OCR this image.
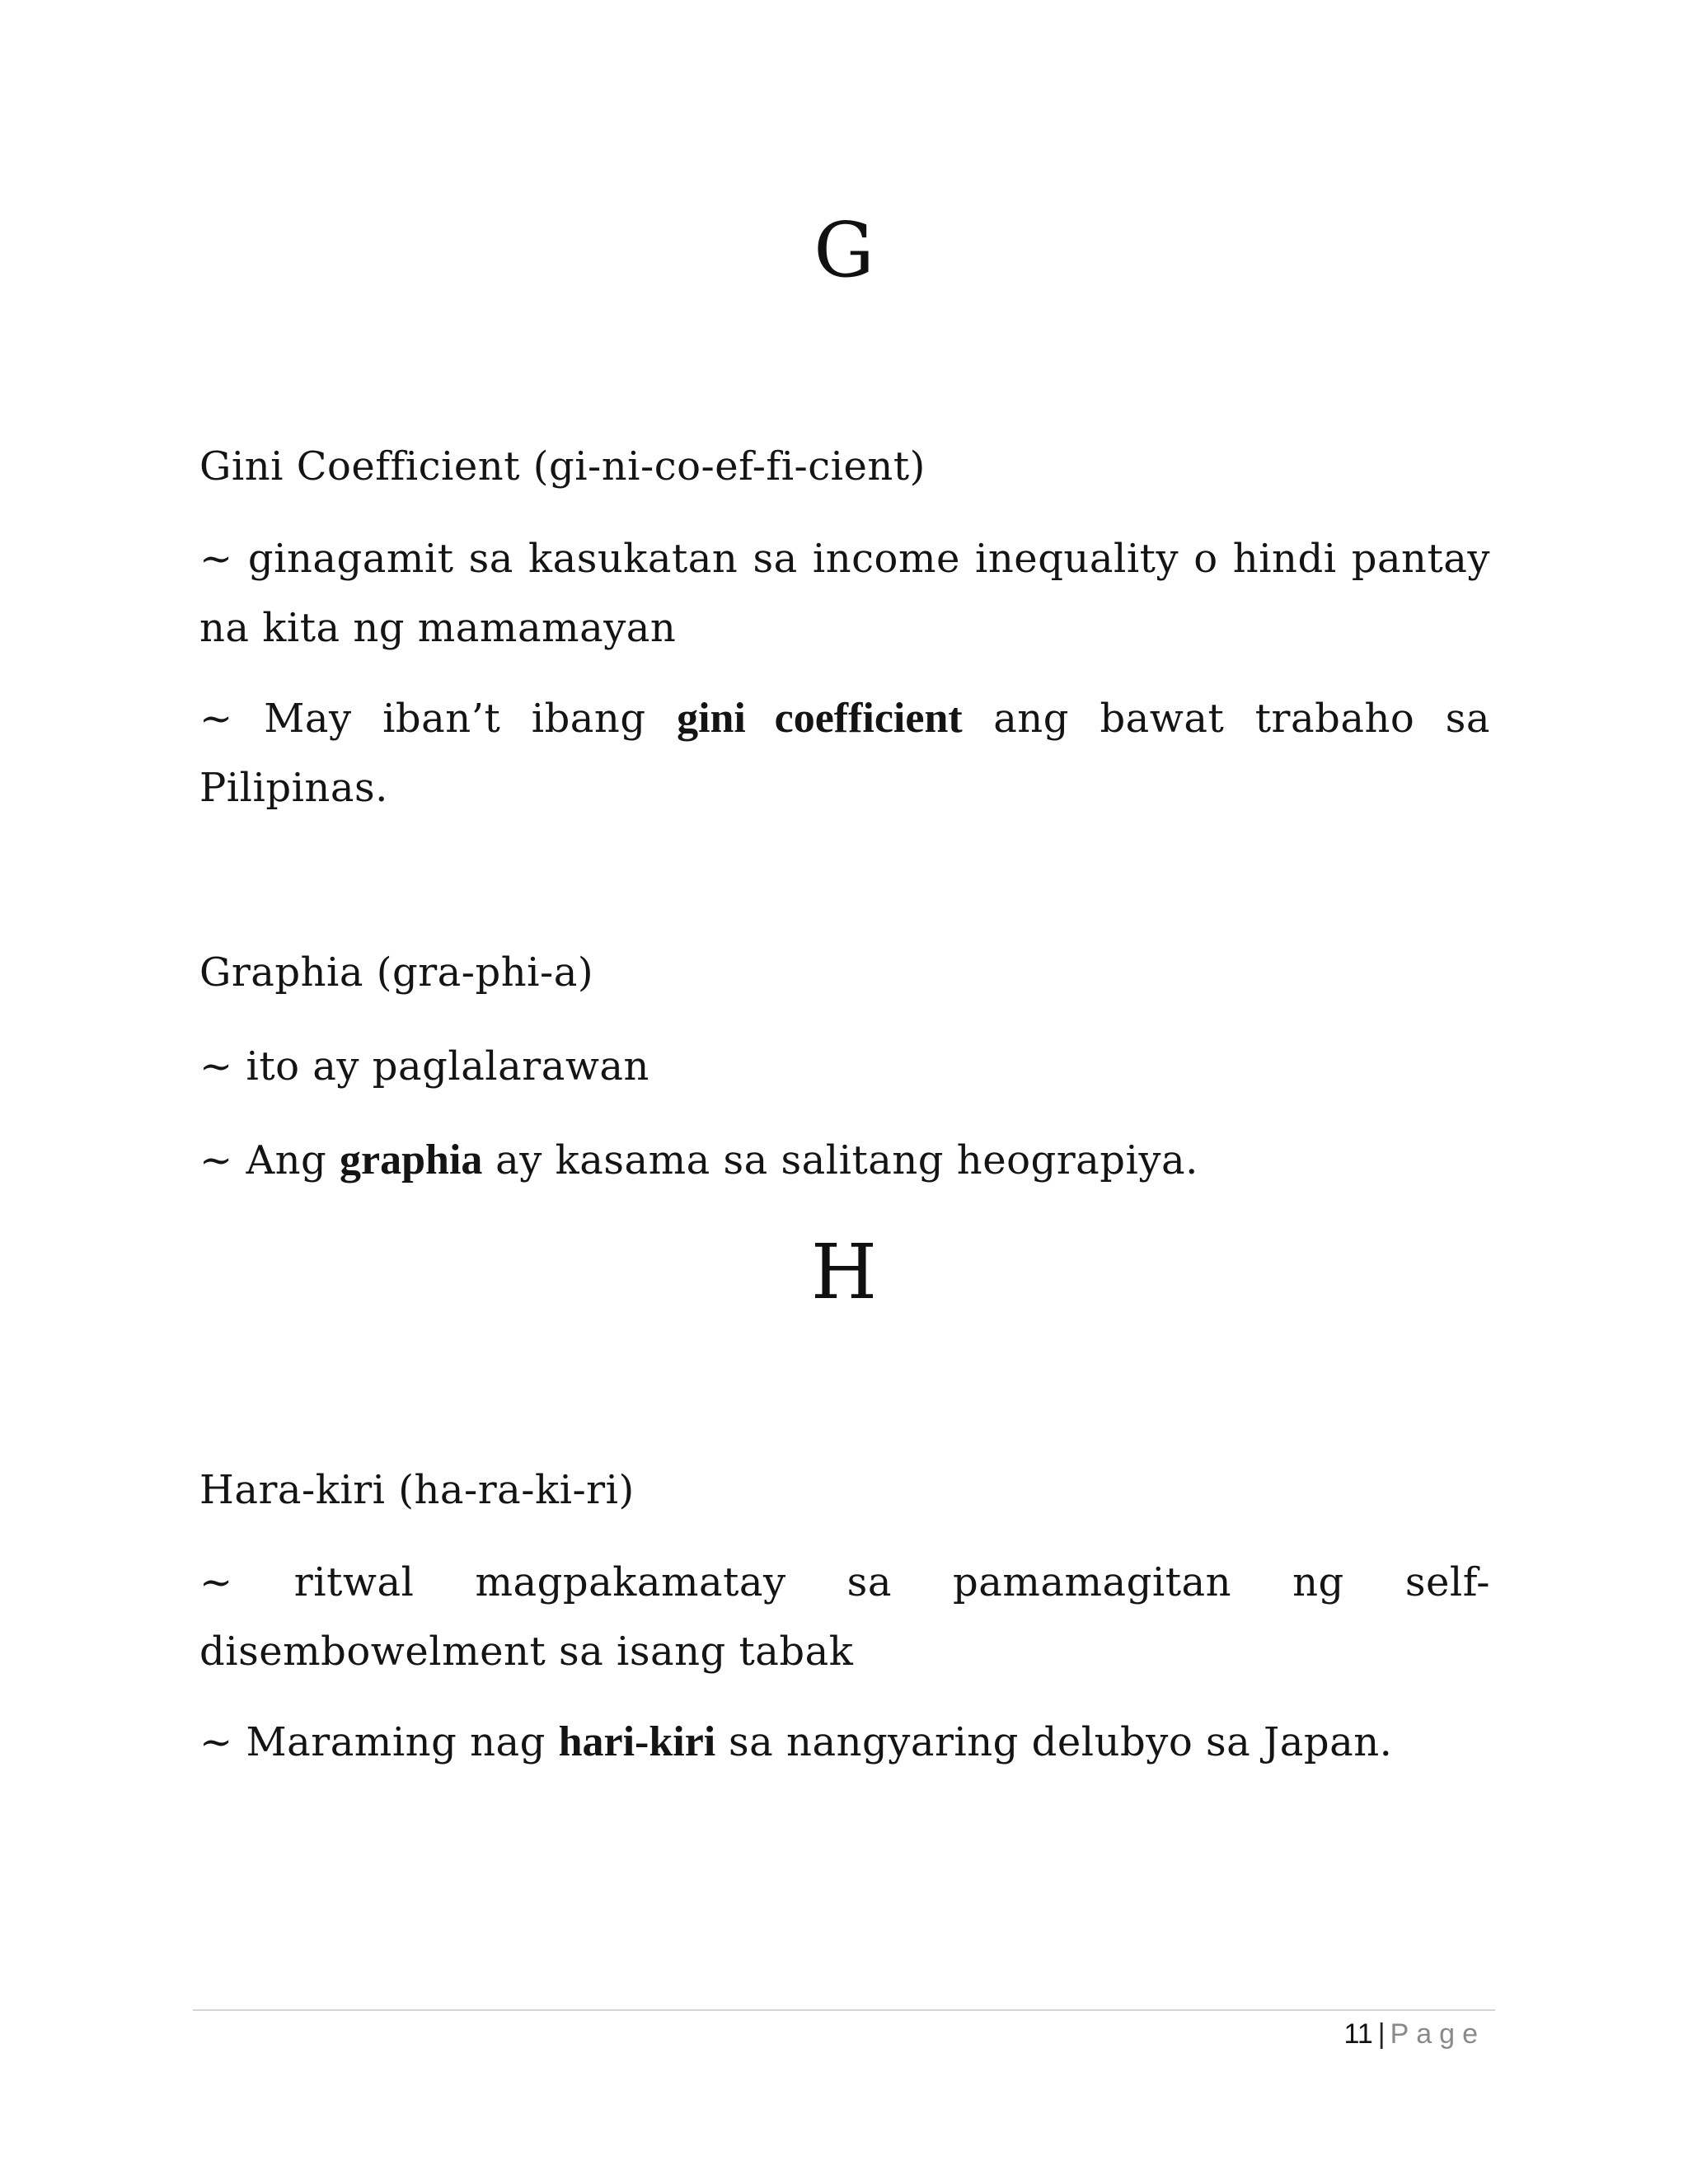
G

Gini Coefficient (gi-ni-co-ef-fi-cient)

~ ginagamit sa kasukatan sa income inequality o hindi pantay na kita ng mamamayan

~ May iban’t ibang gini coefficient ang bawat trabaho sa Pilipinas.

Graphia (gra-phi-a)

~ ito ay paglalarawan

~ Ang graphia ay kasama sa salitang heograpiya.

H

Hara-kiri (ha-ra-ki-ri)

~ ritwal magpakamatay sa pamamagitan ng self-disembowelment sa isang tabak

~ Maraming nag hari-kiri sa nangyaring delubyo sa Japan.

11 | Page
